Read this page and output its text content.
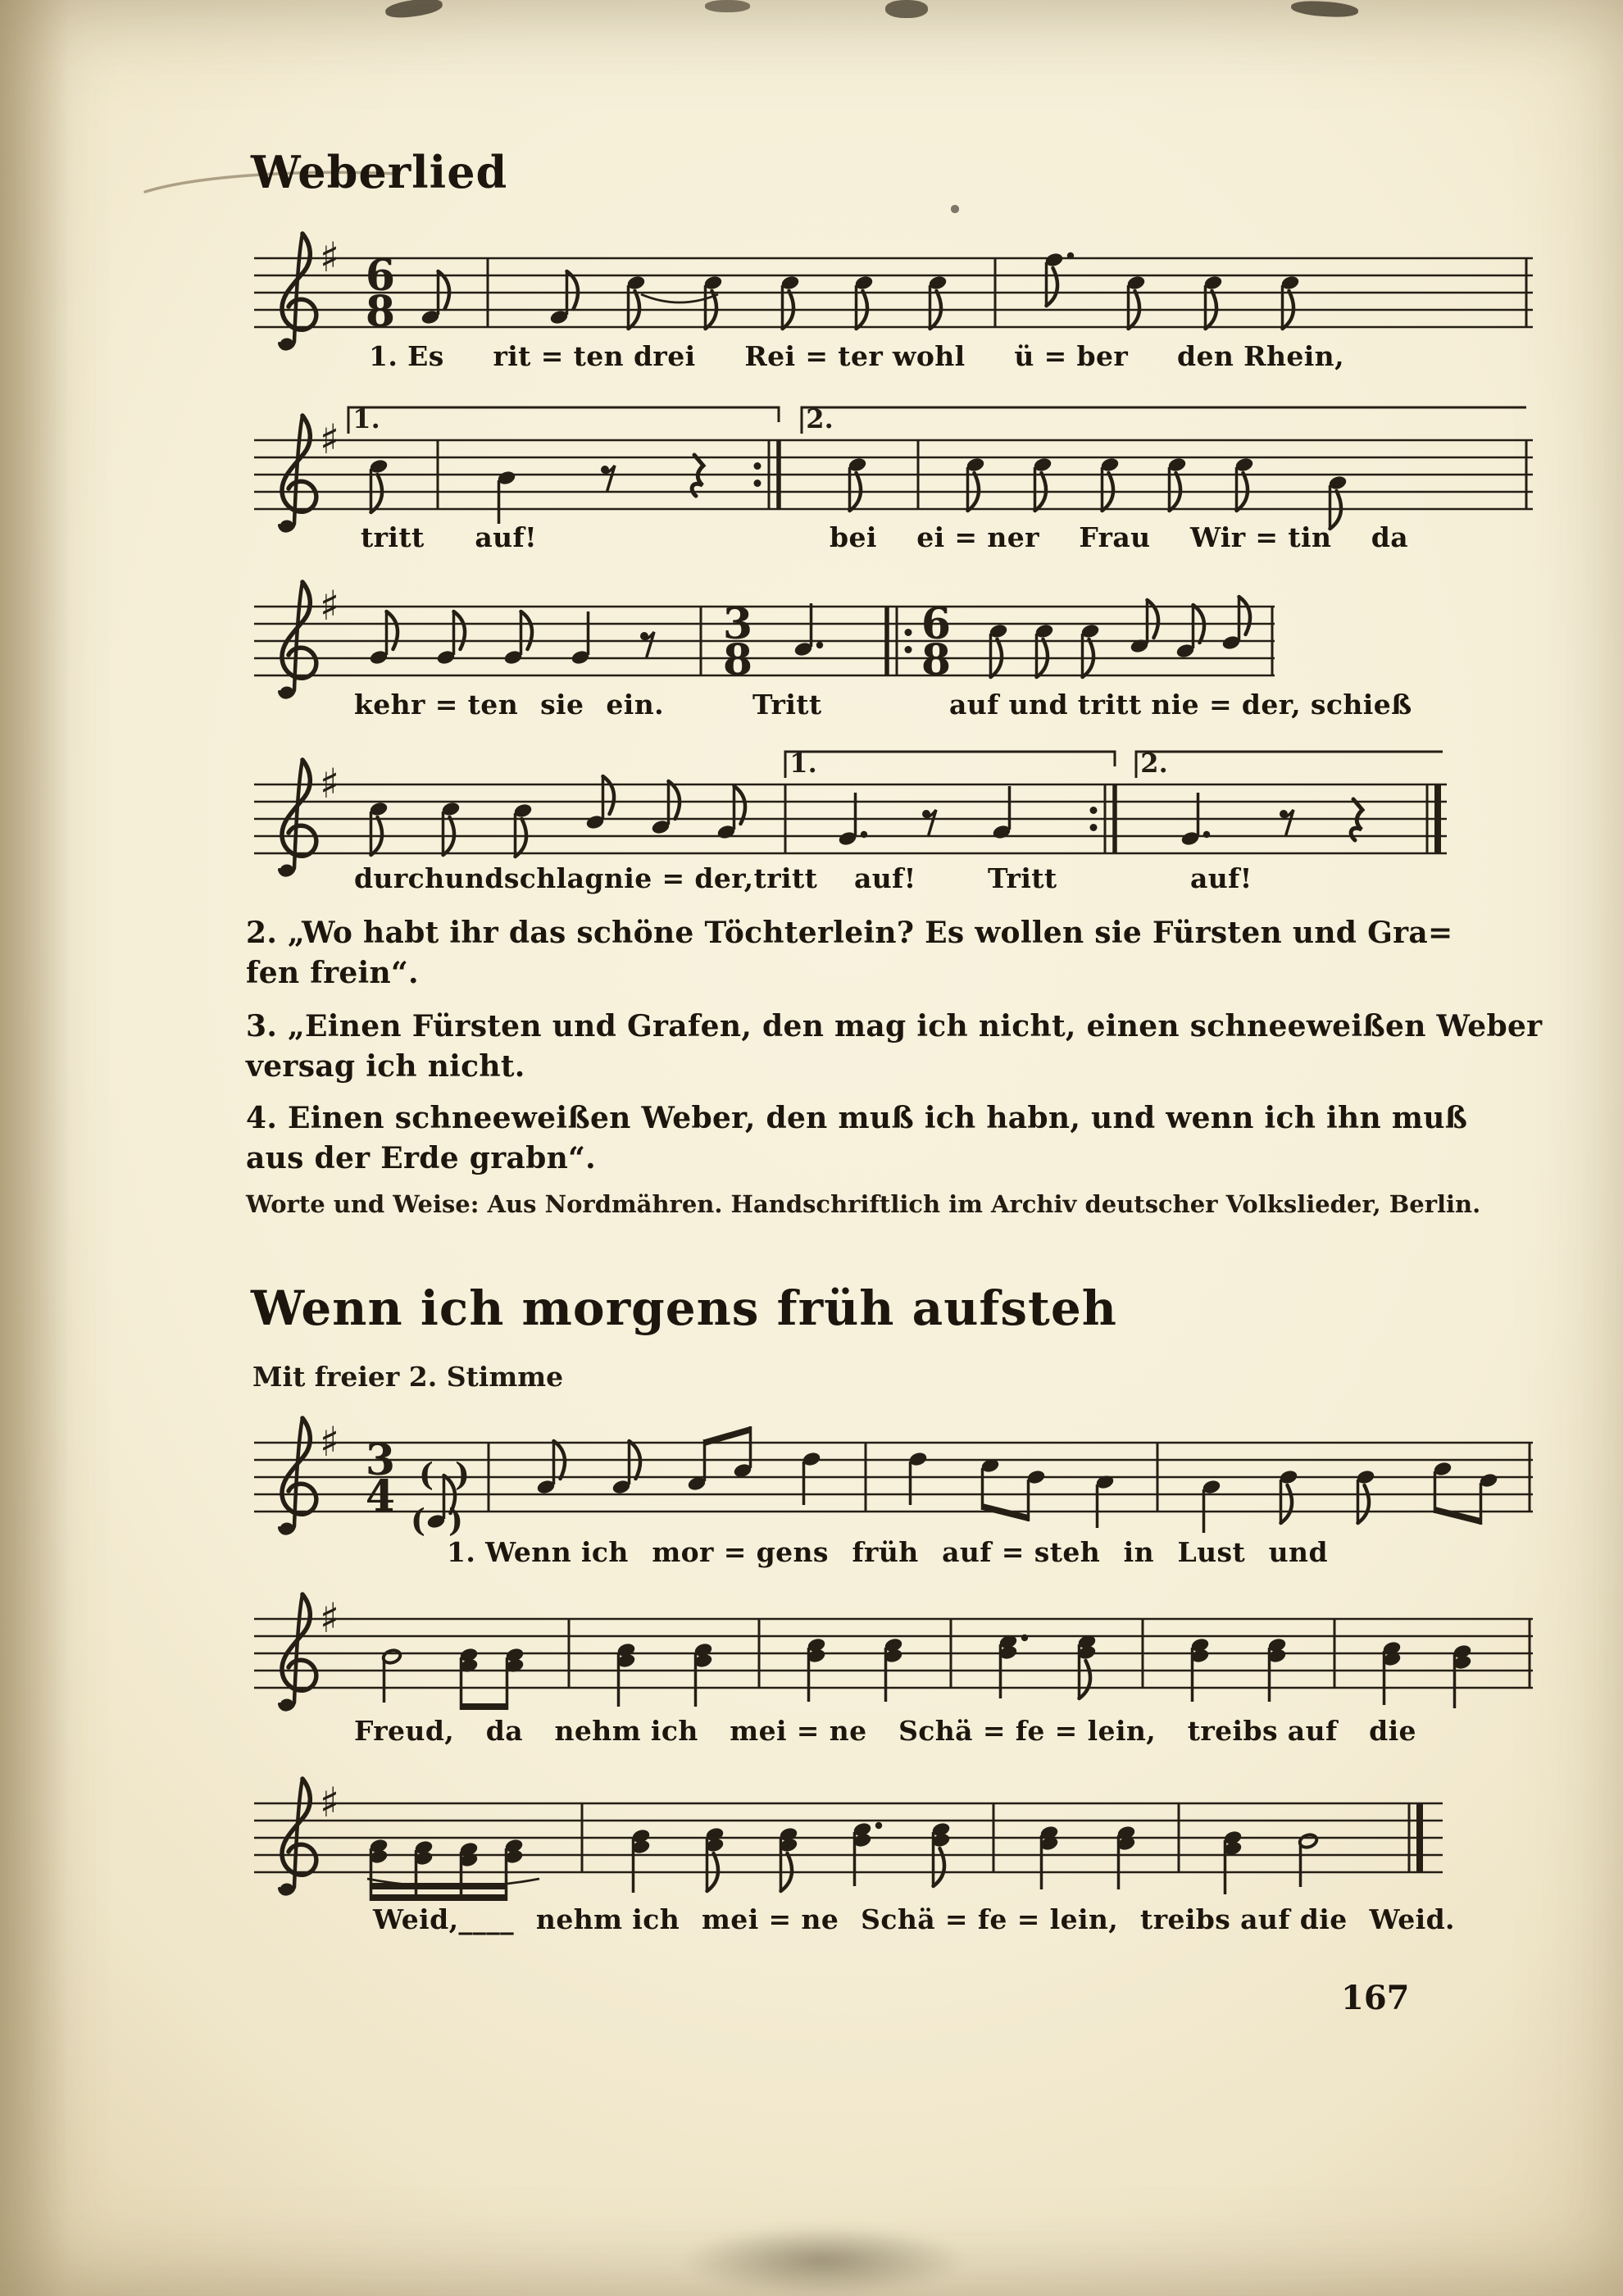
Weberlied
♯ 6
8
1. Es rit = ten drei Rei = ter wohl ü = ber den Rhein,
1.	2.
♯
tritt auf!	bei ei = ner Frau Wir = tin da
♯	3
8
6
8
kehr = ten sie ein.	Tritt	auf und tritt nie = der, schieß
1.	2.
♯
durch und schlag nie = der, tritt auf!	Tritt	auf!
2. „Wo habt ihr das schöne Töchterlein? Es wollen sie Fürsten und Gra=
fen frein“.
3. „Einen Fürsten und Grafen, den mag ich nicht, einen schneeweißen Weber
versag ich nicht.
4. Einen schneeweißen Weber, den muß ich habn, und wenn ich ihn muß
aus der Erde grabn“.
Worte und Weise: Aus Nordmähren. Handschriftlich im Archiv deutscher Volkslieder, Berlin.
Wenn ich morgens früh aufsteh
Mit freier 2. Stimme
♯ 3
4 ( )
( )
1. Wenn ich mor = gens früh auf = steh in Lust und
♯
Freud, da nehm ich mei = ne Schä = fe = lein, treibs auf die
♯
Weid,____ nehm ich mei = ne Schä = fe = lein, treibs auf die Weid.
167
